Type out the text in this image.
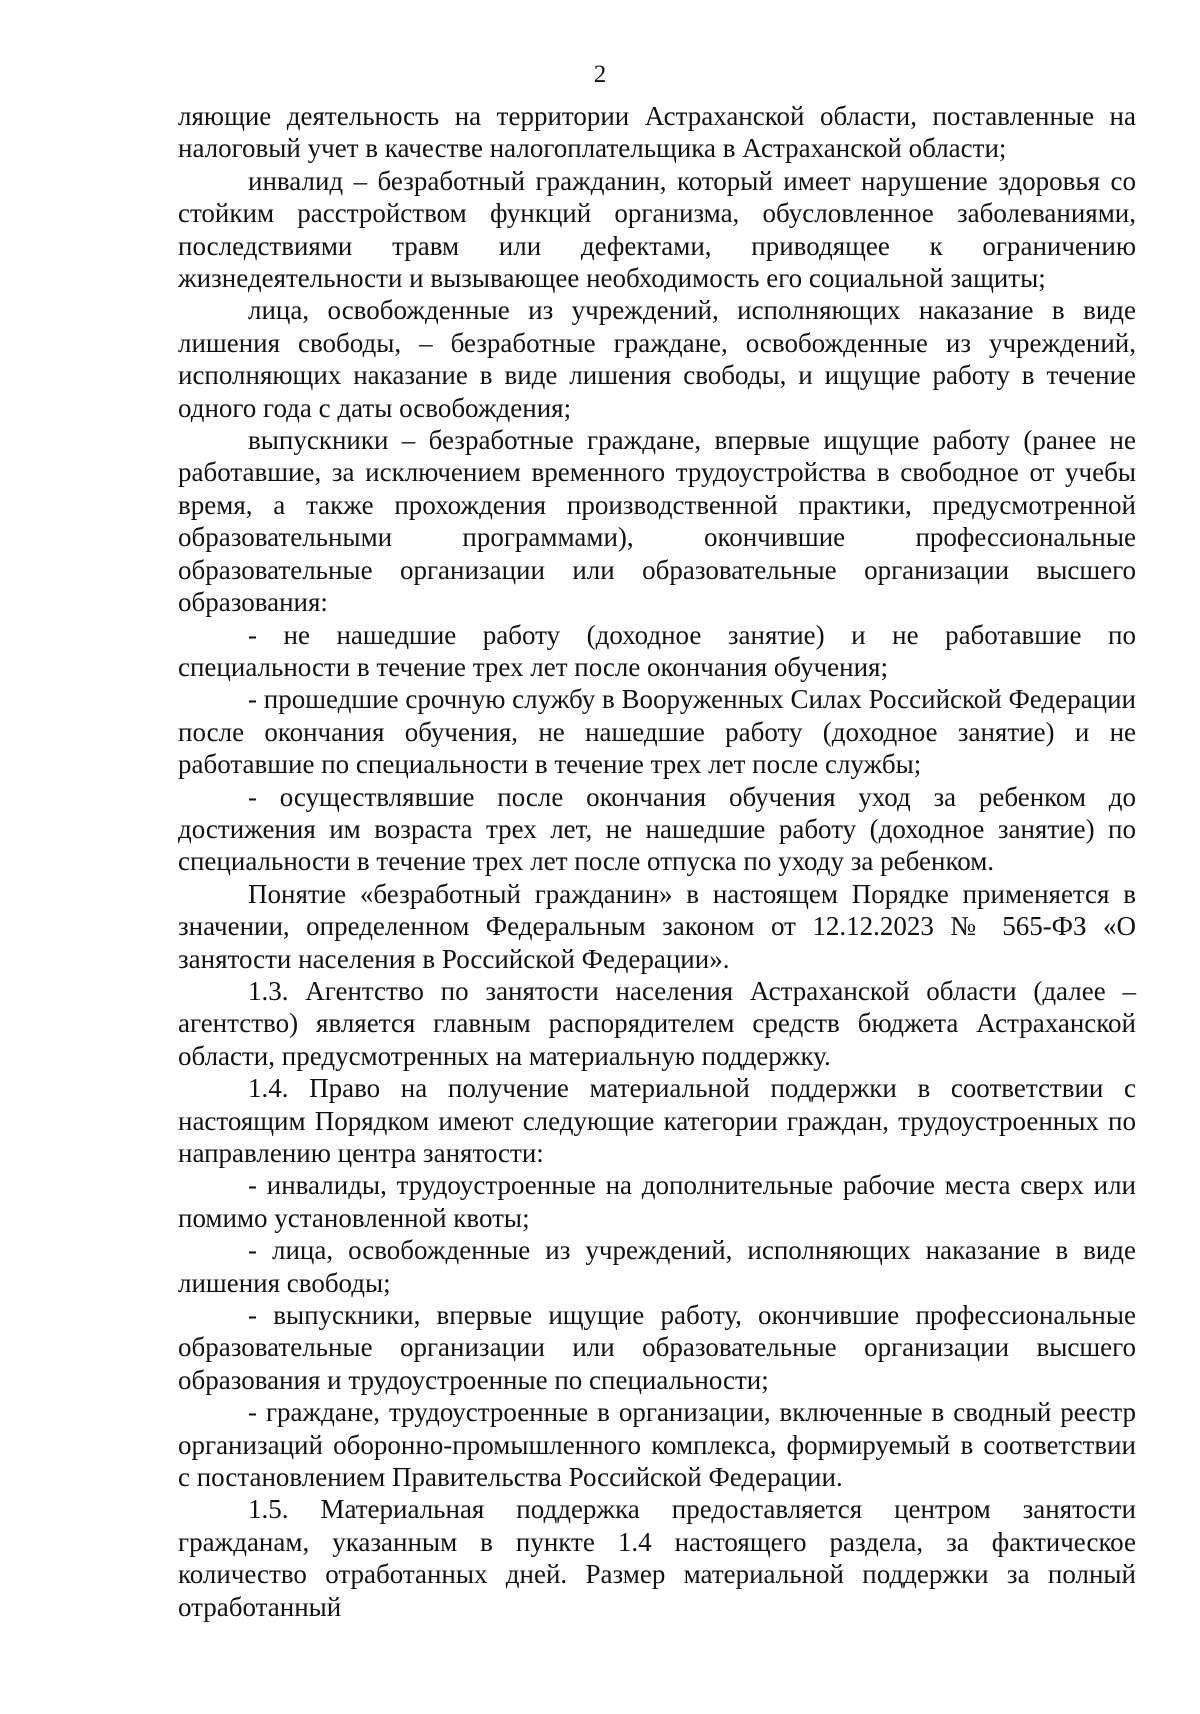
2

ляющие деятельность на территории Астраханской области, поставленные на налоговый учет в качестве налогоплательщика в Астраханской области;

инвалид – безработный гражданин, который имеет нарушение здоровья со стойким расстройством функций организма, обусловленное заболеваниями, последствиями травм или дефектами, приводящее к ограничению жизнедеятельности и вызывающее необходимость его социальной защиты;

лица, освобожденные из учреждений, исполняющих наказание в виде лишения свободы, – безработные граждане, освобожденные из учреждений, исполняющих наказание в виде лишения свободы, и ищущие работу в течение одного года с даты освобождения;

выпускники – безработные граждане, впервые ищущие работу (ранее не работавшие, за исключением временного трудоустройства в свободное от учебы время, а также прохождения производственной практики, предусмотренной образовательными программами), окончившие профессиональные образовательные организации или образовательные организации высшего образования:

- не нашедшие работу (доходное занятие) и не работавшие по специальности в течение трех лет после окончания обучения;

- прошедшие срочную службу в Вооруженных Силах Российской Федерации после окончания обучения, не нашедшие работу (доходное занятие) и не работавшие по специальности в течение трех лет после службы;

- осуществлявшие после окончания обучения уход за ребенком до достижения им возраста трех лет, не нашедшие работу (доходное занятие) по специальности в течение трех лет после отпуска по уходу за ребенком.

Понятие «безработный гражданин» в настоящем Порядке применяется в значении, определенном Федеральным законом от 12.12.2023 № 565-ФЗ «О занятости населения в Российской Федерации».

1.3. Агентство по занятости населения Астраханской области (далее – агентство) является главным распорядителем средств бюджета Астраханской области, предусмотренных на материальную поддержку.

1.4. Право на получение материальной поддержки в соответствии с настоящим Порядком имеют следующие категории граждан, трудоустроенных по направлению центра занятости:

- инвалиды, трудоустроенные на дополнительные рабочие места сверх или помимо установленной квоты;

- лица, освобожденные из учреждений, исполняющих наказание в виде лишения свободы;

- выпускники, впервые ищущие работу, окончившие профессиональные образовательные организации или образовательные организации высшего образования и трудоустроенные по специальности;

- граждане, трудоустроенные в организации, включенные в сводный реестр организаций оборонно-промышленного комплекса, формируемый в соответствии с постановлением Правительства Российской Федерации.

1.5. Материальная поддержка предоставляется центром занятости гражданам, указанным в пункте 1.4 настоящего раздела, за фактическое количество отработанных дней. Размер материальной поддержки за полный отработанный
